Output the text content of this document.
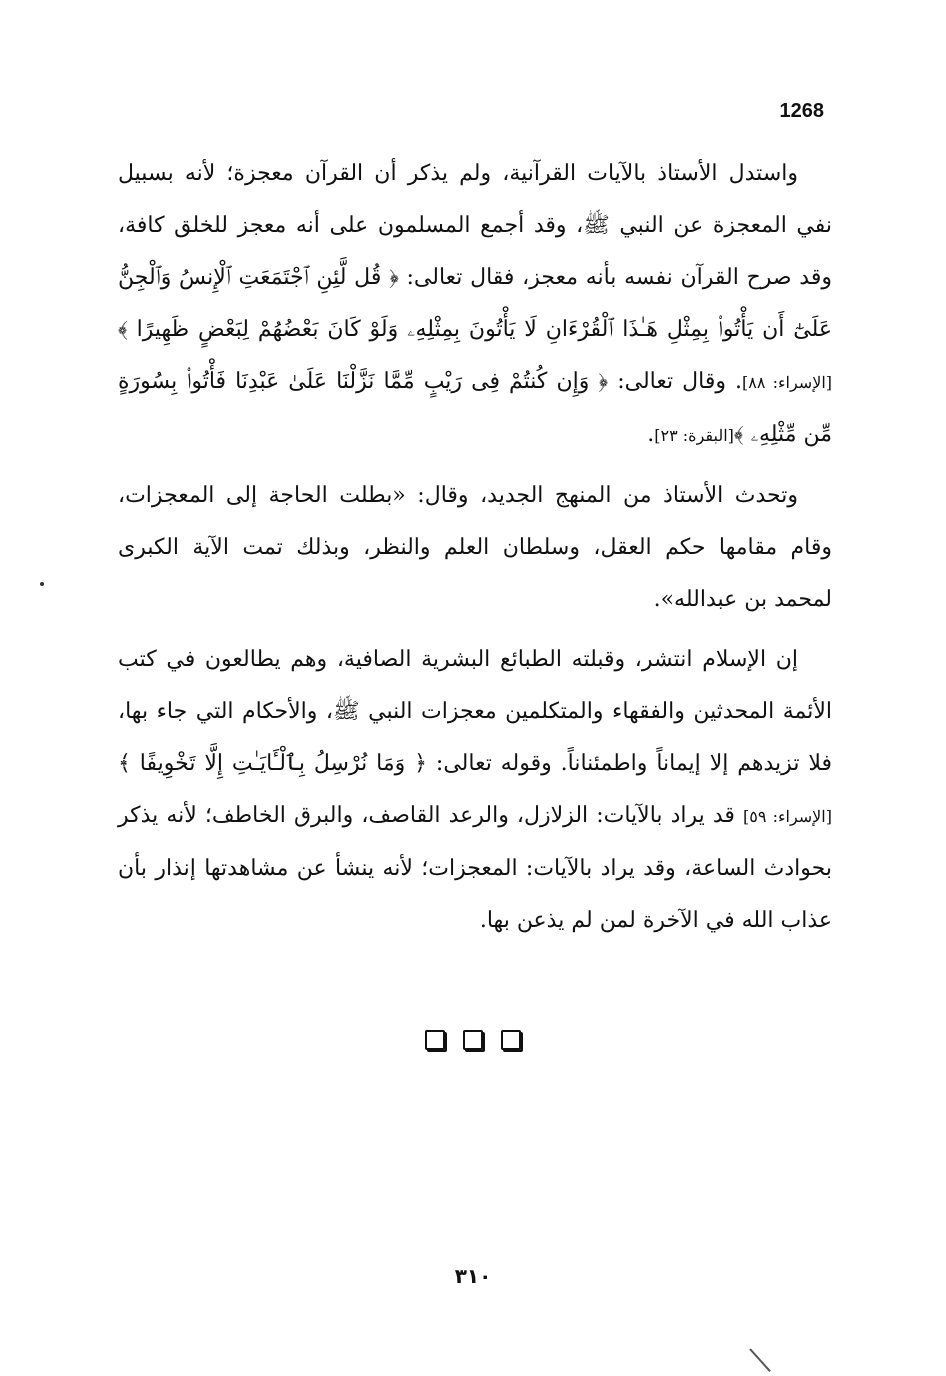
1268

واستدل الأستاذ بالآيات القرآنية، ولم يذكر أن القرآن معجزة؛ لأنه بسبيل نفي المعجزة عن النبي ﷺ، وقد أجمع المسلمون على أنه معجز للخلق كافة، وقد صرح القرآن نفسه بأنه معجز، فقال تعالى: ﴿ قُل لَّئِنِ ٱجْتَمَعَتِ ٱلْإِنسُ وَٱلْجِنُّ عَلَىٰٓ أَن يَأْتُوا۟ بِمِثْلِ هَـٰذَا ٱلْقُرْءَانِ لَا يَأْتُونَ بِمِثْلِهِۦ وَلَوْ كَانَ بَعْضُهُمْ لِبَعْضٍ ظَهِيرًا ﴾[الإسراء: ٨٨]. وقال تعالى: ﴿ وَإِن كُنتُمْ فِى رَيْبٍ مِّمَّا نَزَّلْنَا عَلَىٰ عَبْدِنَا فَأْتُوا۟ بِسُورَةٍ مِّن مِّثْلِهِۦ ﴾[البقرة: ٢٣].

وتحدث الأستاذ من المنهج الجديد، وقال: «بطلت الحاجة إلى المعجزات، وقام مقامها حكم العقل، وسلطان العلم والنظر، وبذلك تمت الآية الكبرى لمحمد بن عبدالله».

إن الإسلام انتشر، وقبلته الطبائع البشرية الصافية، وهم يطالعون في كتب الأئمة المحدثين والفقهاء والمتكلمين معجزات النبي ﷺ، والأحكام التي جاء بها، فلا تزيدهم إلا إيماناً واطمئناناً. وقوله تعالى: ﴿ وَمَا نُرْسِلُ بِٱلْـَٔايَـٰتِ إِلَّا تَخْوِيفًا ﴾[الإسراء: ٥٩] قد يراد بالآيات: الزلازل، والرعد القاصف، والبرق الخاطف؛ لأنه يذكر بحوادث الساعة، وقد يراد بالآيات: المعجزات؛ لأنه ينشأ عن مشاهدتها إنذار بأن عذاب الله في الآخرة لمن لم يذعن بها.

٣١٠
